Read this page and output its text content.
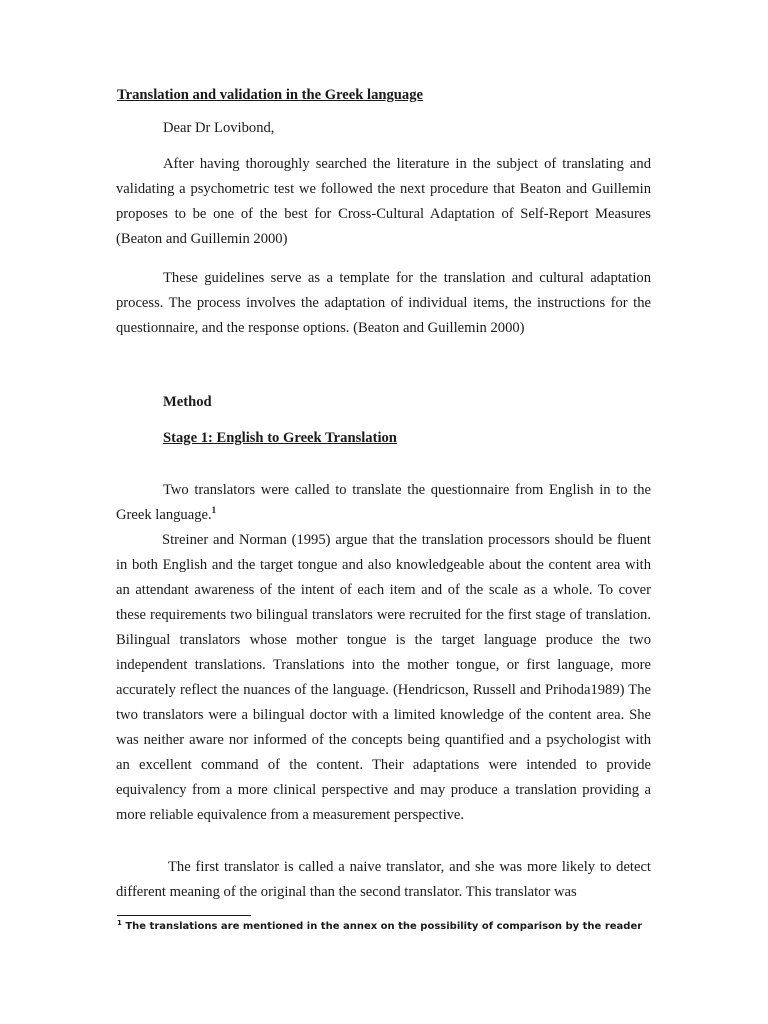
Translation and validation in the Greek language
Dear Dr Lovibond,

After having thoroughly searched the literature in the subject of translating and validating a psychometric test we followed the next procedure that Beaton and Guillemin proposes to be one of the best for Cross-Cultural Adaptation of Self-Report Measures (Beaton and Guillemin 2000)

These guidelines serve as a template for the translation and cultural adaptation process. The process involves the adaptation of individual items, the instructions for the questionnaire, and the response options. (Beaton and Guillemin 2000)

Method
Stage 1: English to Greek Translation

Two translators were called to translate the questionnaire from English in to the Greek language.$^1$

Streiner and Norman (1995) argue that the translation processors should be fluent in both English and the target tongue and also knowledgeable about the content area with an attendant awareness of the intent of each item and of the scale as a whole. To cover these requirements two bilingual translators were recruited for the first stage of translation. Bilingual translators whose mother tongue is the target language produce the two independent translations. Translations into the mother tongue, or first language, more accurately reflect the nuances of the language. (Hendricson, Russell and Prihoda1989) The two translators were a bilingual doctor with a limited knowledge of the content area. She was neither aware nor informed of the concepts being quantified and a psychologist with an excellent command of the content. Their adaptations were intended to provide equivalency from a more clinical perspective and may produce a translation providing a more reliable equivalence from a measurement perspective.

The first translator is called a naive translator, and she was more likely to detect different meaning of the original than the second translator. This translator was

$^1$ The translations are mentioned in the annex on the possibility of comparison by the reader
